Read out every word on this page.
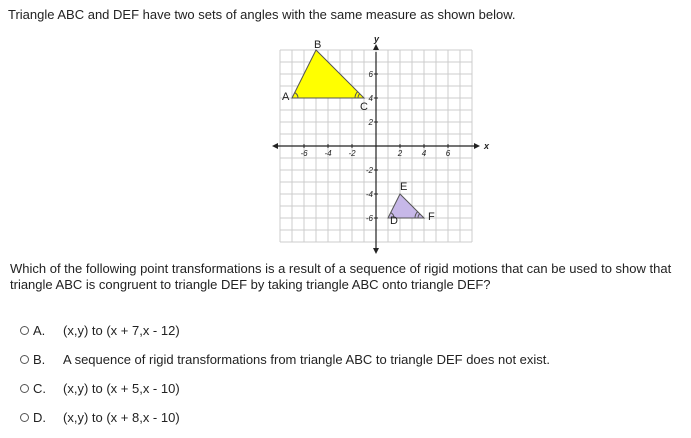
Triangle ABC and DEF have two sets of angles with the same measure as shown below.
x
y
-6 -4 -2	2 4 6
6
4
2
-2
-4
-6
A
B
C
D
E
F
Which of the following point transformations is a result of a sequence of rigid motions that can be used to show that triangle ABC is congruent to triangle DEF by taking triangle ABC onto triangle DEF?
A.	(x,y) to (x + 7,x - 12)
B.	A sequence of rigid transformations from triangle ABC to triangle DEF does not exist.
C.	(x,y) to (x + 5,x - 10)
D.	(x,y) to (x + 8,x - 10)
